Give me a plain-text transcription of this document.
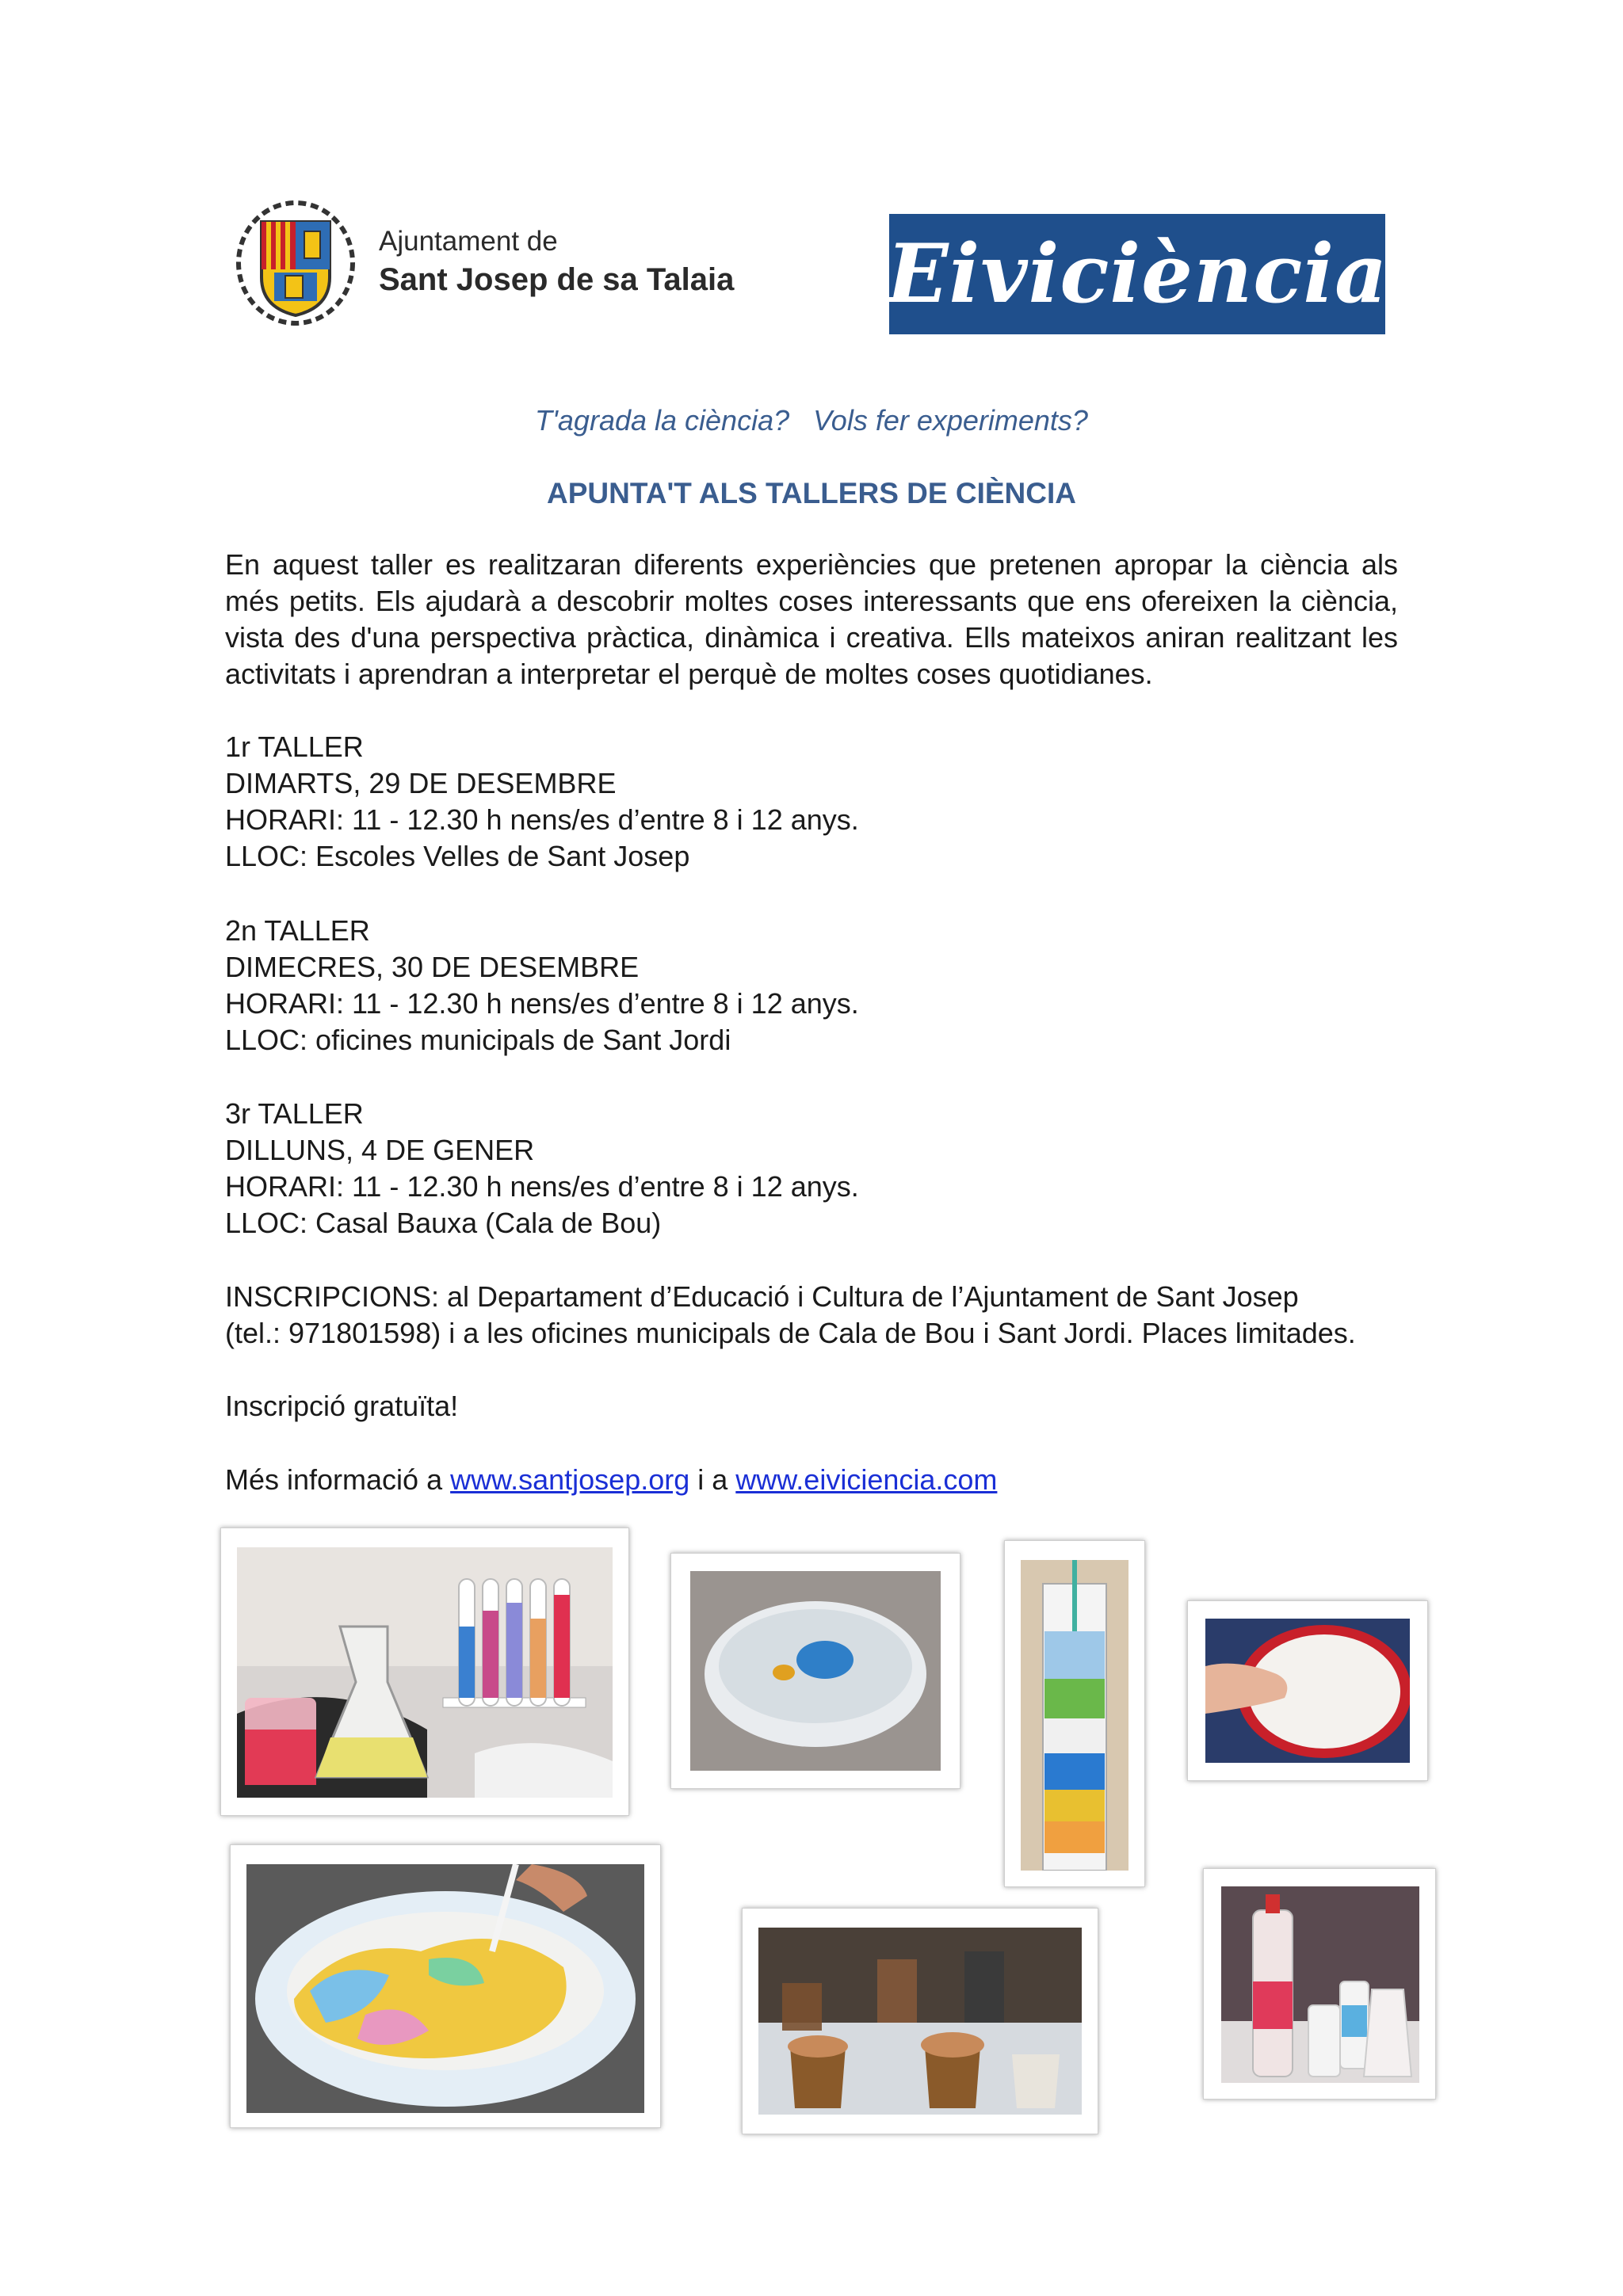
Ajuntament de
Sant Josep de sa Talaia Eiviciència
T'agrada la ciència?   Vols fer experiments?
APUNTA'T ALS TALLERS DE CIÈNCIA
En aquest taller es realitzaran diferents experiències que pretenen apropar la ciència als més petits. Els ajudarà a descobrir moltes coses interessants que ens ofereixen la ciència, vista des d'una perspectiva pràctica, dinàmica i creativa. Ells mateixos aniran realitzant les activitats i aprendran a interpretar el perquè de moltes coses quotidianes.
1r TALLER
DIMARTS, 29 DE DESEMBRE
HORARI: 11 - 12.30 h nens/es d’entre 8 i 12 anys.
LLOC: Escoles Velles de Sant Josep
2n TALLER
DIMECRES, 30 DE DESEMBRE
HORARI: 11 - 12.30 h nens/es d’entre 8 i 12 anys.
LLOC: oficines municipals de Sant Jordi
3r TALLER
DILLUNS, 4 DE GENER
HORARI: 11 - 12.30 h nens/es d’entre 8 i 12 anys.
LLOC: Casal Bauxa (Cala de Bou)
INSCRIPCIONS: al Departament d’Educació i Cultura de l’Ajuntament de Sant Josep
(tel.: 971801598) i a les oficines municipals de Cala de Bou i Sant Jordi. Places limitades.
Inscripció gratuïta!
Més informació a www.santjosep.org i a www.eiviciencia.com
